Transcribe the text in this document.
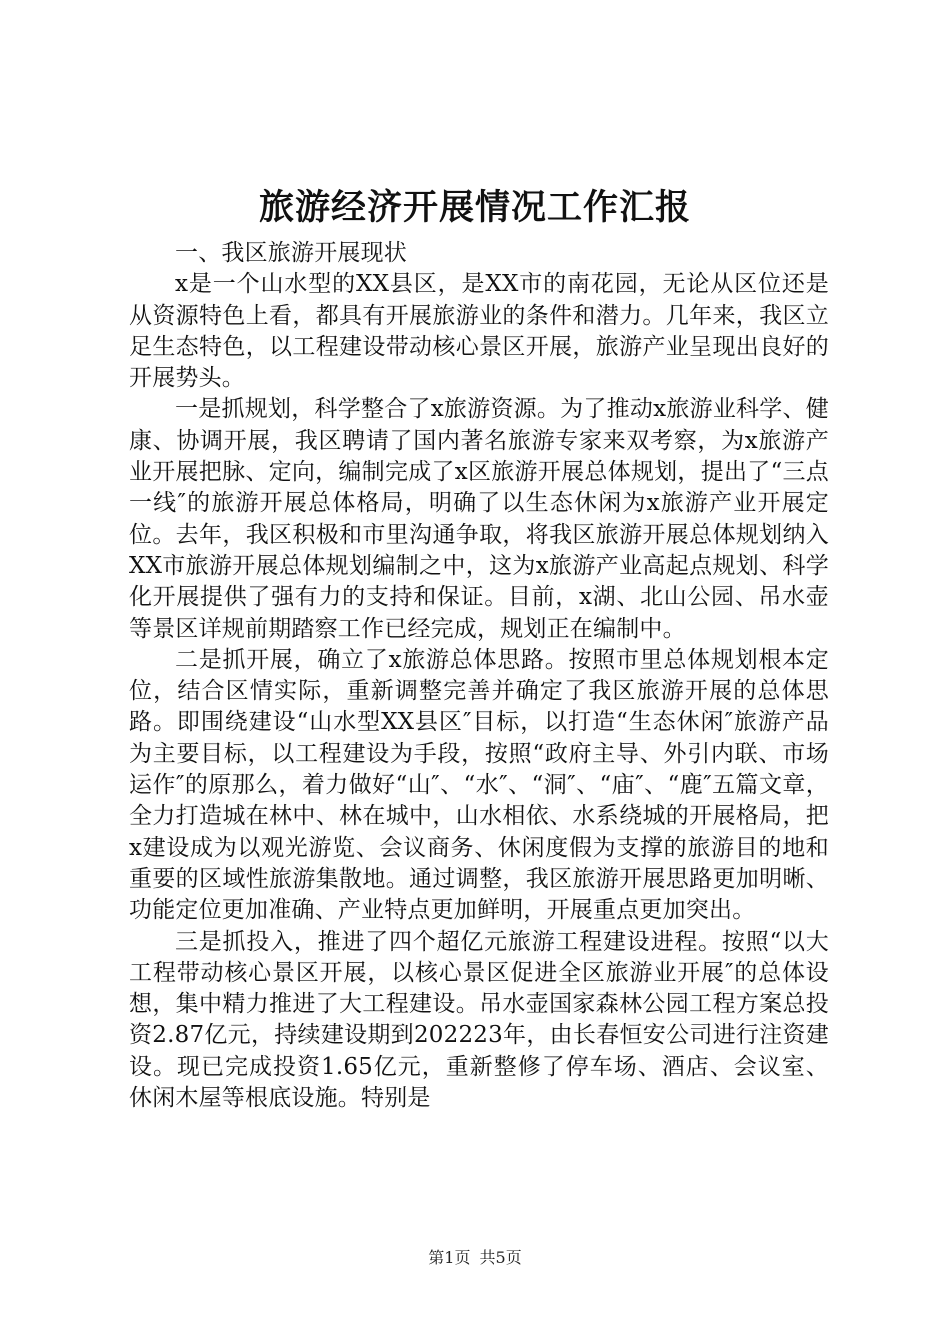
旅游经济开展情况工作汇报

一、我区旅游开展现状

x是一个山水型的XX县区，是XX市的南花园，无论从区位还是从资源特色上看，都具有开展旅游业的条件和潜力。几年来，我区立足生态特色，以工程建设带动核心景区开展，旅游产业呈现出良好的开展势头。

一是抓规划，科学整合了x旅游资源。为了推动x旅游业科学、健康、协调开展，我区聘请了国内著名旅游专家来双考察，为x旅游产业开展把脉、定向，编制完成了x区旅游开展总体规划，提出了“三点一线″的旅游开展总体格局，明确了以生态休闲为x旅游产业开展定位。去年，我区积极和市里沟通争取，将我区旅游开展总体规划纳入XX市旅游开展总体规划编制之中，这为x旅游产业高起点规划、科学化开展提供了强有力的支持和保证。目前，x湖、北山公园、吊水壶等景区详规前期踏察工作已经完成，规划正在编制中。

二是抓开展，确立了x旅游总体思路。按照市里总体规划根本定位，结合区情实际，重新调整完善并确定了我区旅游开展的总体思路。即围绕建设“山水型XX县区″目标，以打造“生态休闲″旅游产品为主要目标，以工程建设为手段，按照“政府主导、外引内联、市场运作″的原那么，着力做好“山″、“水″、“洞″、“庙″、“鹿″五篇文章，全力打造城在林中、林在城中，山水相依、水系绕城的开展格局，把x建设成为以观光游览、会议商务、休闲度假为支撑的旅游目的地和重要的区域性旅游集散地。通过调整，我区旅游开展思路更加明晰、功能定位更加准确、产业特点更加鲜明，开展重点更加突出。

三是抓投入，推进了四个超亿元旅游工程建设进程。按照“以大工程带动核心景区开展，以核心景区促进全区旅游业开展″的总体设想，集中精力推进了大工程建设。吊水壶国家森林公园工程方案总投资2.87亿元，持续建设期到202223年，由长春恒安公司进行注资建设。现已完成投资1.65亿元，重新整修了停车场、酒店、会议室、休闲木屋等根底设施。特别是

第1页 共5页
